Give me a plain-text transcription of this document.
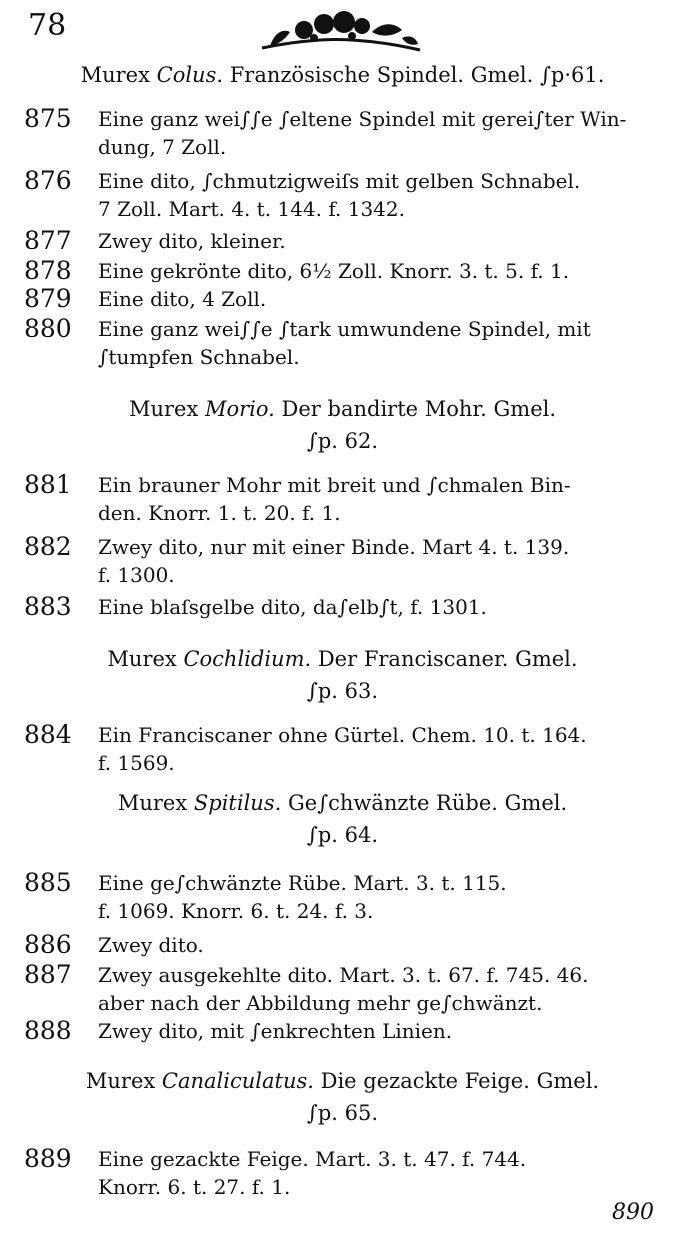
78
Murex Colus. Französische Spindel. Gmel. ∫p·61.
875	Eine ganz wei∫∫e ∫eltene Spindel mit gerei∫ter Win-
dung, 7 Zoll.
876	Eine dito, ∫chmutzigweiſs mit gelben Schnabel.
7 Zoll. Mart. 4. t. 144. f. 1342.
877	Zwey dito, kleiner.
878	Eine gekrönte dito, 6½ Zoll. Knorr. 3. t. 5. f. 1.
879	Eine dito, 4 Zoll.
880	Eine ganz wei∫∫e ∫tark umwundene Spindel, mit
∫tumpfen Schnabel.
Murex Morio. Der bandirte Mohr. Gmel.
∫p. 62.
881	Ein brauner Mohr mit breit und ∫chmalen Bin-
den. Knorr. 1. t. 20. f. 1.
882	Zwey dito, nur mit einer Binde. Mart 4. t. 139.
f. 1300.
883	Eine blaſsgelbe dito, da∫elb∫t, f. 1301.
Murex Cochlidium. Der Franciscaner. Gmel.
∫p. 63.
884	Ein Franciscaner ohne Gürtel. Chem. 10. t. 164.
f. 1569.
Murex Spitilus. Ge∫chwänzte Rübe. Gmel.
∫p. 64.
885	Eine ge∫chwänzte Rübe. Mart. 3. t. 115.
f. 1069. Knorr. 6. t. 24. f. 3.
886	Zwey dito.
887	Zwey ausgekehlte dito. Mart. 3. t. 67. f. 745. 46.
aber nach der Abbildung mehr ge∫chwänzt.
888	Zwey dito, mit ∫enkrechten Linien.
Murex Canaliculatus. Die gezackte Feige. Gmel.
∫p. 65.
889	Eine gezackte Feige. Mart. 3. t. 47. f. 744.
Knorr. 6. t. 27. f. 1.
890
